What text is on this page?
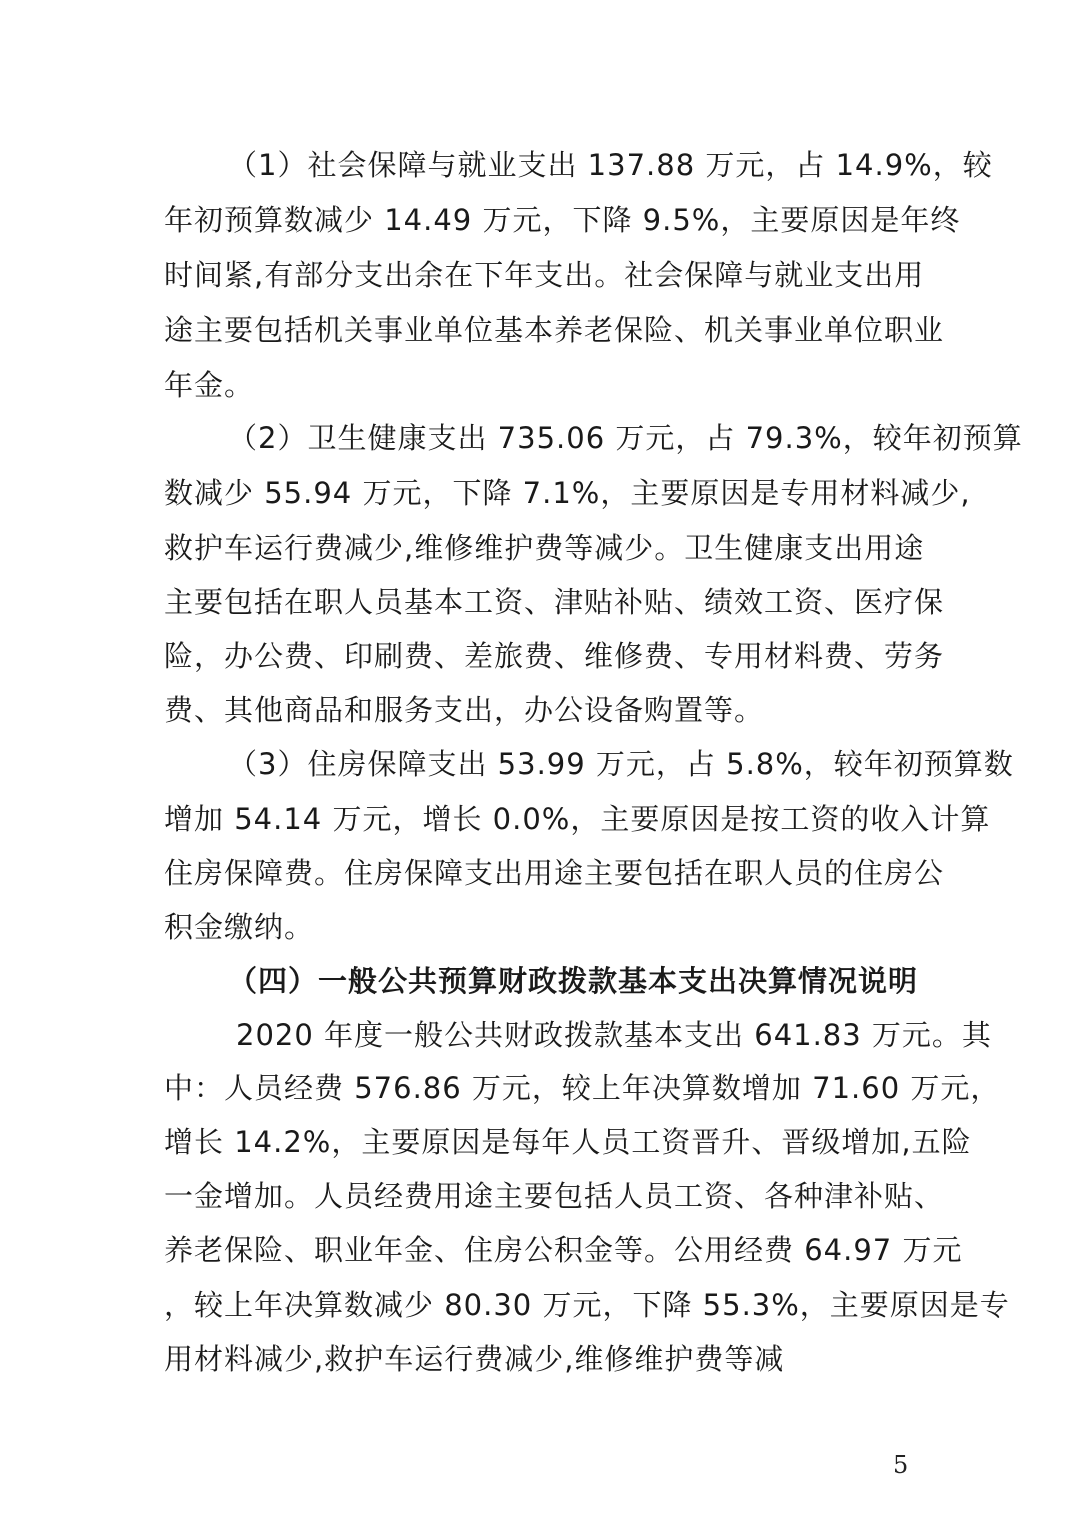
（1）社会保障与就业支出 137.88 万元，占 14.9%，较
年初预算数减少 14.49 万元，下降 9.5%，主要原因是年终
时间紧,有部分支出余在下年支出。社会保障与就业支出用
途主要包括机关事业单位基本养老保险、机关事业单位职业
年金。
（2）卫生健康支出 735.06 万元，占 79.3%，较年初预算
数减少 55.94 万元，下降 7.1%，主要原因是专用材料减少,
救护车运行费减少,维修维护费等减少。卫生健康支出用途
主要包括在职人员基本工资、津贴补贴、绩效工资、医疗保
险，办公费、印刷费、差旅费、维修费、专用材料费、劳务
费、其他商品和服务支出，办公设备购置等。
（3）住房保障支出 53.99 万元，占 5.8%，较年初预算数
增加 54.14 万元，增长 0.0%，主要原因是按工资的收入计算
住房保障费。住房保障支出用途主要包括在职人员的住房公
积金缴纳。
（四）一般公共预算财政拨款基本支出决算情况说明
2020 年度一般公共财政拨款基本支出 641.83 万元。其
中：人员经费 576.86 万元，较上年决算数增加 71.60 万元，
增长 14.2%，主要原因是每年人员工资晋升、晋级增加,五险
一金增加。人员经费用途主要包括人员工资、各种津补贴、
养老保险、职业年金、住房公积金等。公用经费 64.97 万元
，较上年决算数减少 80.30 万元，下降 55.3%，主要原因是专
用材料减少,救护车运行费减少,维修维护费等减
5
